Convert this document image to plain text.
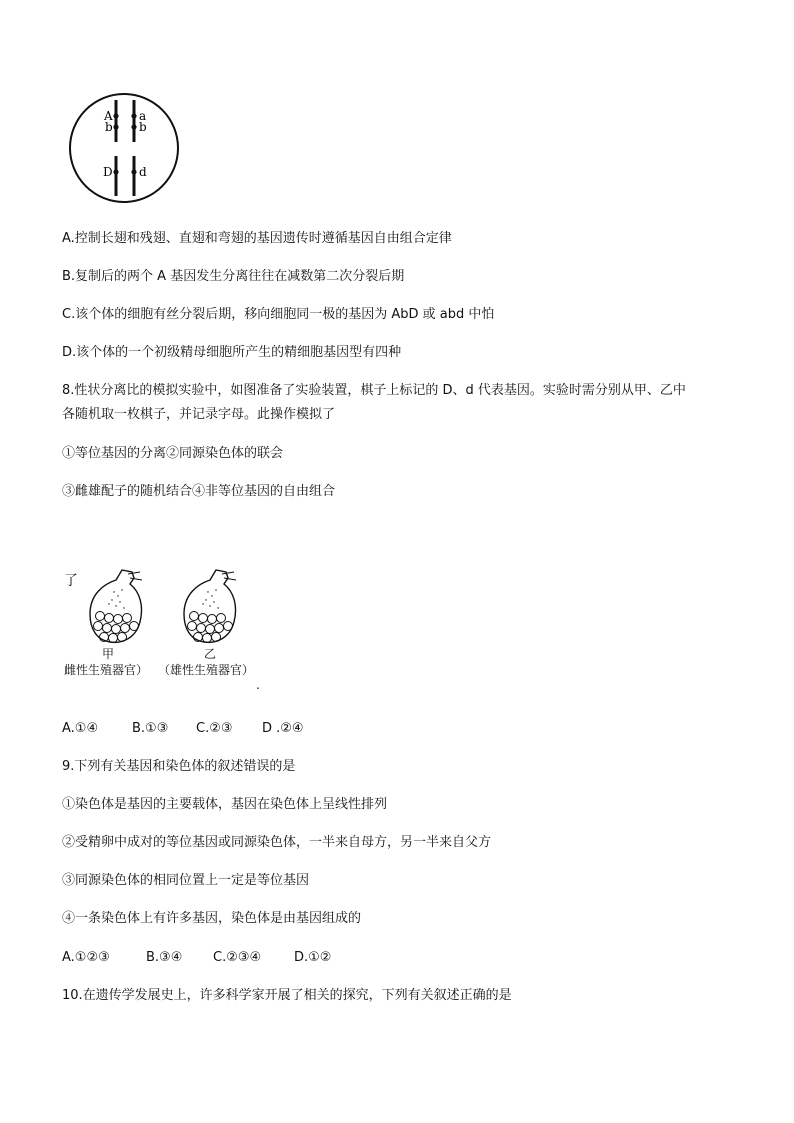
A
b
D
a
b
d
A.控制长翅和残翅、直翅和弯翅的基因遗传时遵循基因自由组合定律
B.复制后的两个 A 基因发生分离往往在减数第二次分裂后期
C.该个体的细胞有丝分裂后期，移向细胞同一极的基因为 AbD 或 abd 中怕
D.该个体的一个初级精母细胞所产生的精细胞基因型有四种
8.性状分离比的模拟实验中，如图准备了实验装置，棋子上标记的 D、d 代表基因。实验时需分别从甲、乙中
各随机取一枚棋子，并记录字母。此操作模拟了
①等位基因的分离②同源染色体的联会
③雌雄配子的随机结合④非等位基因的自由组合
了
甲	乙
雌性生殖器官） （雄性生殖器官）
.
A.①④	B.①③ C.②③ D .②④
9.下列有关基因和染色体的叙述错误的是
①染色体是基因的主要载体，基因在染色体上呈线性排列
②受精卵中成对的等位基因或同源染色体，一半来自母方，另一半来自父方
③同源染色体的相同位置上一定是等位基因
④一条染色体上有许多基因，染色体是由基因组成的
A.①②③	B.③④ C.②③④	D.①②
10.在遗传学发展史上，许多科学家开展了相关的探究，下列有关叙述正确的是
